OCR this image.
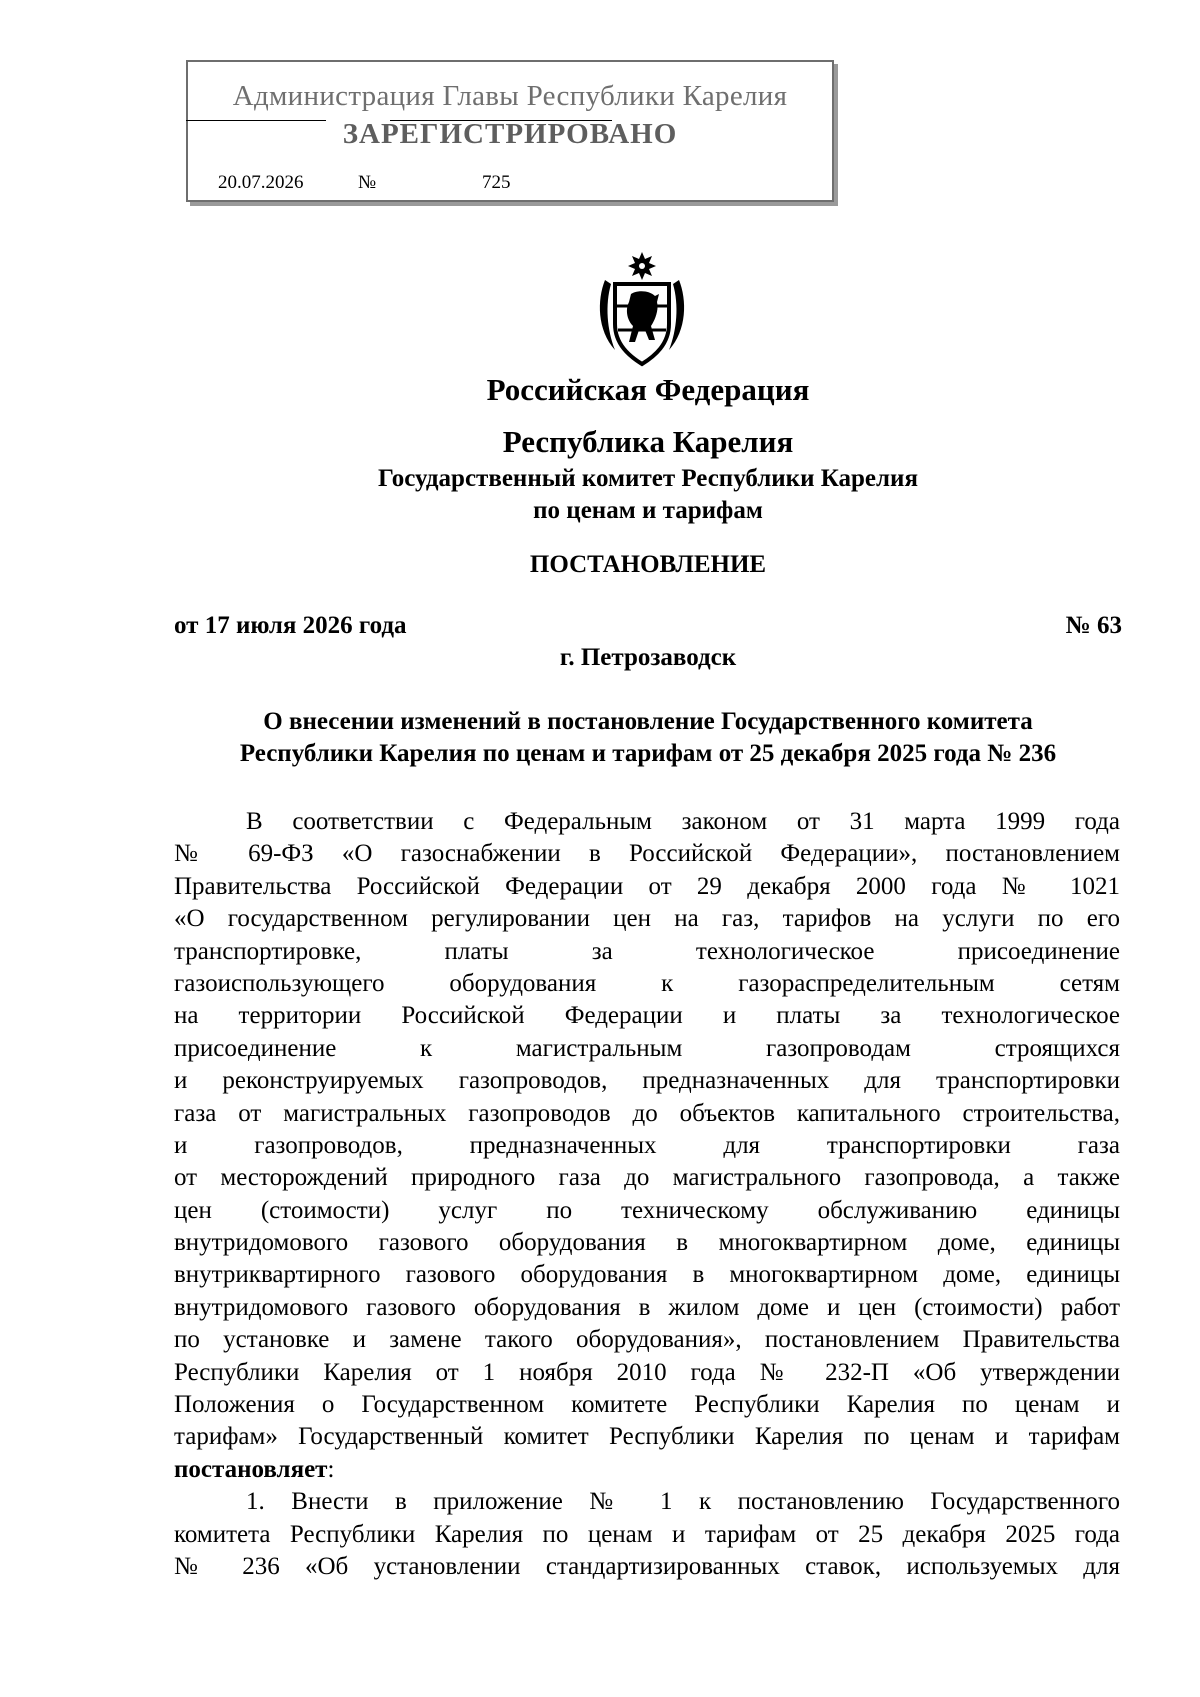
Администрация Главы Республики Карелия
ЗАРЕГИСТРИРОВАНО
20.07.2026	№	725
Российская Федерация
Республика Карелия
Государственный комитет Республики Карелия
по ценам и тарифам
ПОСТАНОВЛЕНИЕ
от 17 июля 2026 года	№ 63
г. Петрозаводск
О внесении изменений в постановление Государственного комитета
Республики Карелия по ценам и тарифам от 25 декабря 2025 года № 236
В соответствии с Федеральным законом от 31 марта 1999 года
№ 69-ФЗ «О газоснабжении в Российской Федерации», постановлением
Правительства Российской Федерации от 29 декабря 2000 года № 1021
«О государственном регулировании цен на газ, тарифов на услуги по его
транспортировке, платы за технологическое присоединение
газоиспользующего оборудования к газораспределительным сетям
на территории Российской Федерации и платы за технологическое
присоединение к магистральным газопроводам строящихся
и реконструируемых газопроводов, предназначенных для транспортировки
газа от магистральных газопроводов до объектов капитального строительства,
и газопроводов, предназначенных для транспортировки газа
от месторождений природного газа до магистрального газопровода, а также
цен (стоимости) услуг по техническому обслуживанию единицы
внутридомового газового оборудования в многоквартирном доме, единицы
внутриквартирного газового оборудования в многоквартирном доме, единицы
внутридомового газового оборудования в жилом доме и цен (стоимости) работ
по установке и замене такого оборудования», постановлением Правительства
Республики Карелия от 1 ноября 2010 года № 232-П «Об утверждении
Положения о Государственном комитете Республики Карелия по ценам и
тарифам» Государственный комитет Республики Карелия по ценам и тарифам
постановляет:
1. Внести в приложение № 1 к постановлению Государственного
комитета Республики Карелия по ценам и тарифам от 25 декабря 2025 года
№ 236 «Об установлении стандартизированных ставок, используемых для
